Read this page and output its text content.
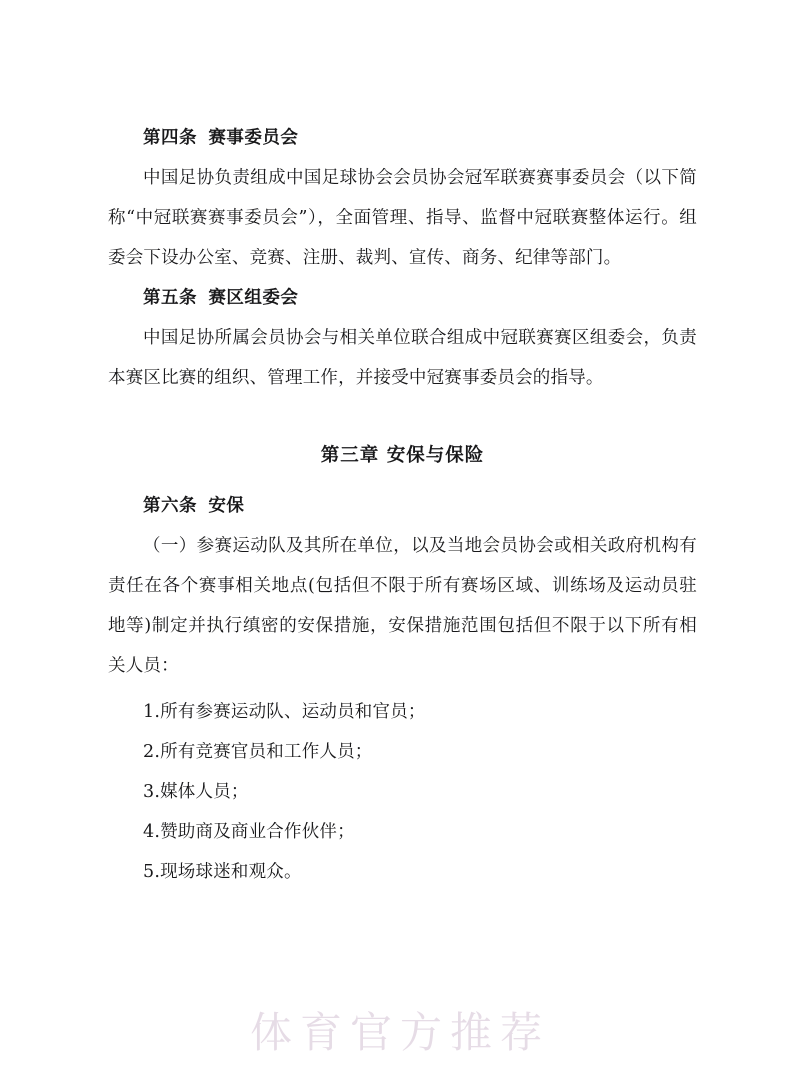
第四条 赛事委员会

中国足协负责组成中国足球协会会员协会冠军联赛赛事委员会（以下简称“中冠联赛赛事委员会”），全面管理、指导、监督中冠联赛整体运行。组委会下设办公室、竞赛、注册、裁判、宣传、商务、纪律等部门。

第五条 赛区组委会

中国足协所属会员协会与相关单位联合组成中冠联赛赛区组委会，负责本赛区比赛的组织、管理工作，并接受中冠赛事委员会的指导。

第三章 安保与保险

第六条 安保

（一）参赛运动队及其所在单位，以及当地会员协会或相关政府机构有责任在各个赛事相关地点(包括但不限于所有赛场区域、训练场及运动员驻地等)制定并执行缜密的安保措施，安保措施范围包括但不限于以下所有相关人员：

1.所有参赛运动队、运动员和官员；

2.所有竞赛官员和工作人员；

3.媒体人员；

4.赞助商及商业合作伙伴；

5.现场球迷和观众。

体育官方推荐
